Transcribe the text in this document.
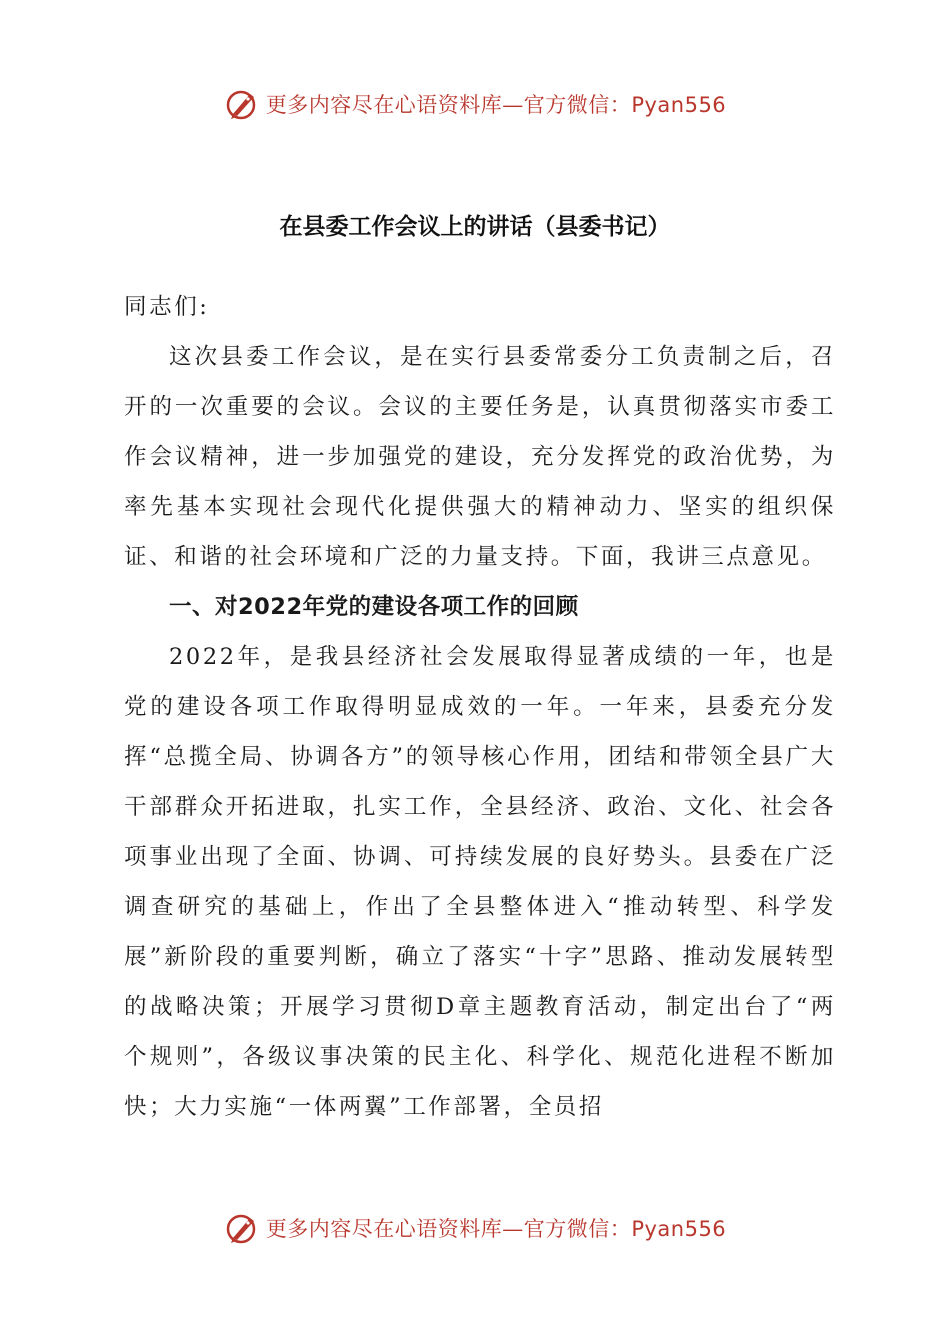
更多内容尽在心语资料库—官方微信：Pyan556
在县委工作会议上的讲话（县委书记）

同志们:

这次县委工作会议，是在实行县委常委分工负责制之后，召开的一次重要的会议。会议的主要任务是，认真贯彻落实市委工作会议精神，进一步加强党的建设，充分发挥党的政治优势，为率先基本实现社会现代化提供强大的精神动力、坚实的组织保证、和谐的社会环境和广泛的力量支持。下面，我讲三点意见。

一、对2022年党的建设各项工作的回顾

2022年，是我县经济社会发展取得显著成绩的一年，也是党的建设各项工作取得明显成效的一年。一年来，县委充分发挥“总揽全局、协调各方”的领导核心作用，团结和带领全县广大干部群众开拓进取，扎实工作，全县经济、政治、文化、社会各项事业出现了全面、协调、可持续发展的良好势头。县委在广泛调查研究的基础上，作出了全县整体进入“推动转型、科学发展”新阶段的重要判断，确立了落实“十字”思路、推动发展转型的战略决策；开展学习贯彻D章主题教育活动，制定出台了“两个规则”，各级议事决策的民主化、科学化、规范化进程不断加快；大力实施“一体两翼”工作部署，全员招

更多内容尽在心语资料库—官方微信：Pyan556
